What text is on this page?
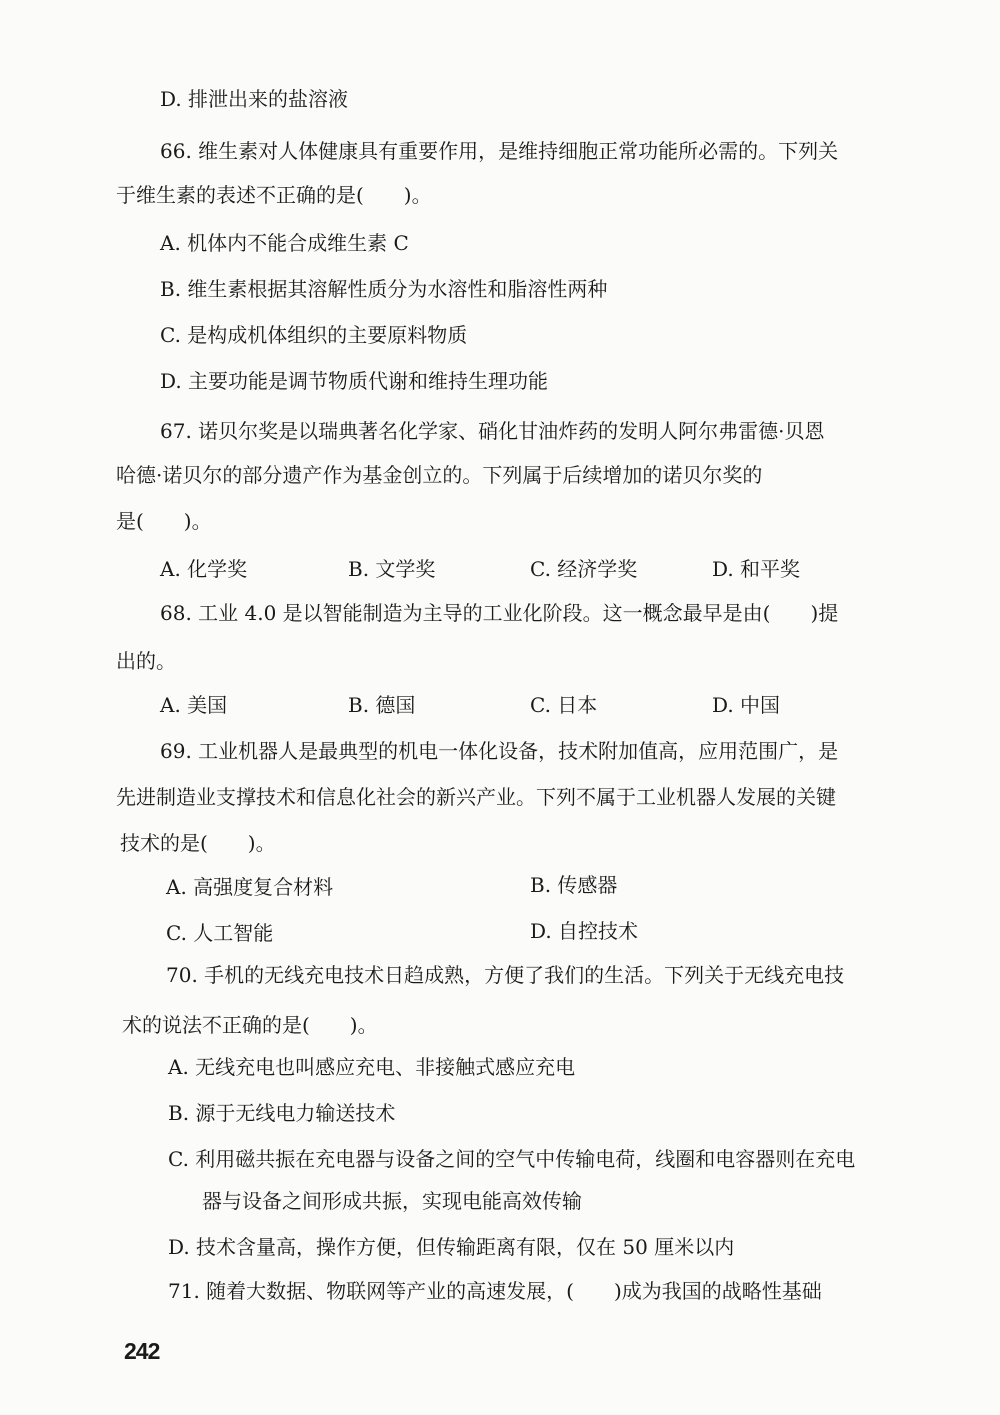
D. 排泄出来的盐溶液
66. 维生素对人体健康具有重要作用，是维持细胞正常功能所必需的。下列关
于维生素的表述不正确的是(　　)。
A. 机体内不能合成维生素 C
B. 维生素根据其溶解性质分为水溶性和脂溶性两种
C. 是构成机体组织的主要原料物质
D. 主要功能是调节物质代谢和维持生理功能
67. 诺贝尔奖是以瑞典著名化学家、硝化甘油炸药的发明人阿尔弗雷德·贝恩
哈德·诺贝尔的部分遗产作为基金创立的。下列属于后续增加的诺贝尔奖的
是(　　)。
A. 化学奖	B. 文学奖	C. 经济学奖	D. 和平奖
68. 工业 4.0 是以智能制造为主导的工业化阶段。这一概念最早是由(　　)提
出的。
A. 美国	B. 德国	C. 日本	D. 中国
69. 工业机器人是最典型的机电一体化设备，技术附加值高，应用范围广，是
先进制造业支撑技术和信息化社会的新兴产业。下列不属于工业机器人发展的关键
技术的是(　　)。
A. 高强度复合材料	B. 传感器
C. 人工智能	D. 自控技术
70. 手机的无线充电技术日趋成熟，方便了我们的生活。下列关于无线充电技
术的说法不正确的是(　　)。
A. 无线充电也叫感应充电、非接触式感应充电
B. 源于无线电力输送技术
C. 利用磁共振在充电器与设备之间的空气中传输电荷，线圈和电容器则在充电
器与设备之间形成共振，实现电能高效传输
D. 技术含量高，操作方便，但传输距离有限，仅在 50 厘米以内
71. 随着大数据、物联网等产业的高速发展，(　　)成为我国的战略性基础
242
